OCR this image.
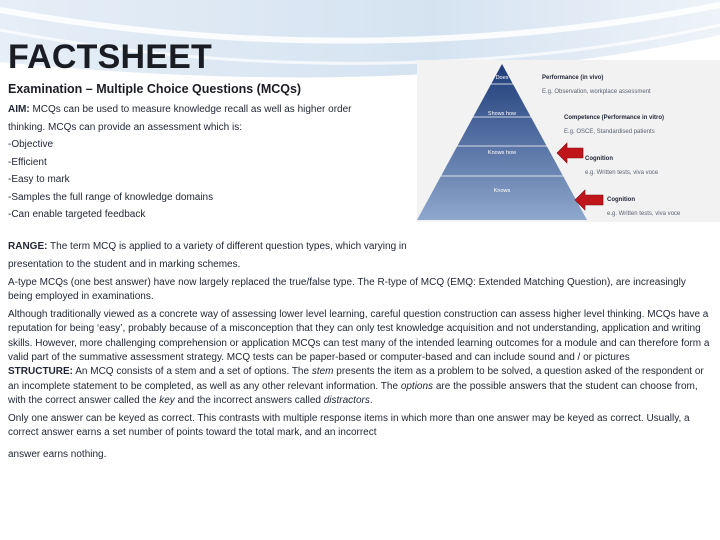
FACTSHEET
Examination – Multiple Choice Questions (MCQs)

AIM: MCQs can be used to measure knowledge recall as well as higher order thinking. MCQs can provide an assessment which is:

-Objective

-Efficient

-Easy to mark

-Samples the full range of knowledge domains

-Can enable targeted feedback

Does
Shows how
Knows how
Knows
Performance (in vivo)
E.g. Observation, workplace assessment
Competence (Performance in vitro)
E.g. OSCE, Standardised patients
Cognition
e.g. Written tests, viva voce
Cognition
e.g. Written tests, viva voce

RANGE: The term MCQ is applied to a variety of different question types, which varying in presentation to the student and in marking schemes.

A-type MCQs (one best answer) have now largely replaced the true/false type. The R-type of MCQ (EMQ: Extended Matching Question), are increasingly being employed in examinations.

Although traditionally viewed as a concrete way of assessing lower level learning, careful question construction can assess higher level thinking. MCQs have a reputation for being ‘easy’, probably because of a misconception that they can only test knowledge acquisition and not understanding, application and writing skills. However, more challenging comprehension or application MCQs can test many of the intended learning outcomes for a module and can therefore form a valid part of the summative assessment strategy. MCQ tests can be paper-based or computer-based and can include sound and / or pictures

STRUCTURE: An MCQ consists of a stem and a set of options. The stem presents the item as a problem to be solved, a question asked of the respondent or an incomplete statement to be completed, as well as any other relevant information. The options are the possible answers that the student can choose from, with the correct answer called the key and the incorrect answers called distractors.

Only one answer can be keyed as correct. This contrasts with multiple response items in which more than one answer may be keyed as correct. Usually, a correct answer earns a set number of points toward the total mark, and an incorrect

answer earns nothing.
